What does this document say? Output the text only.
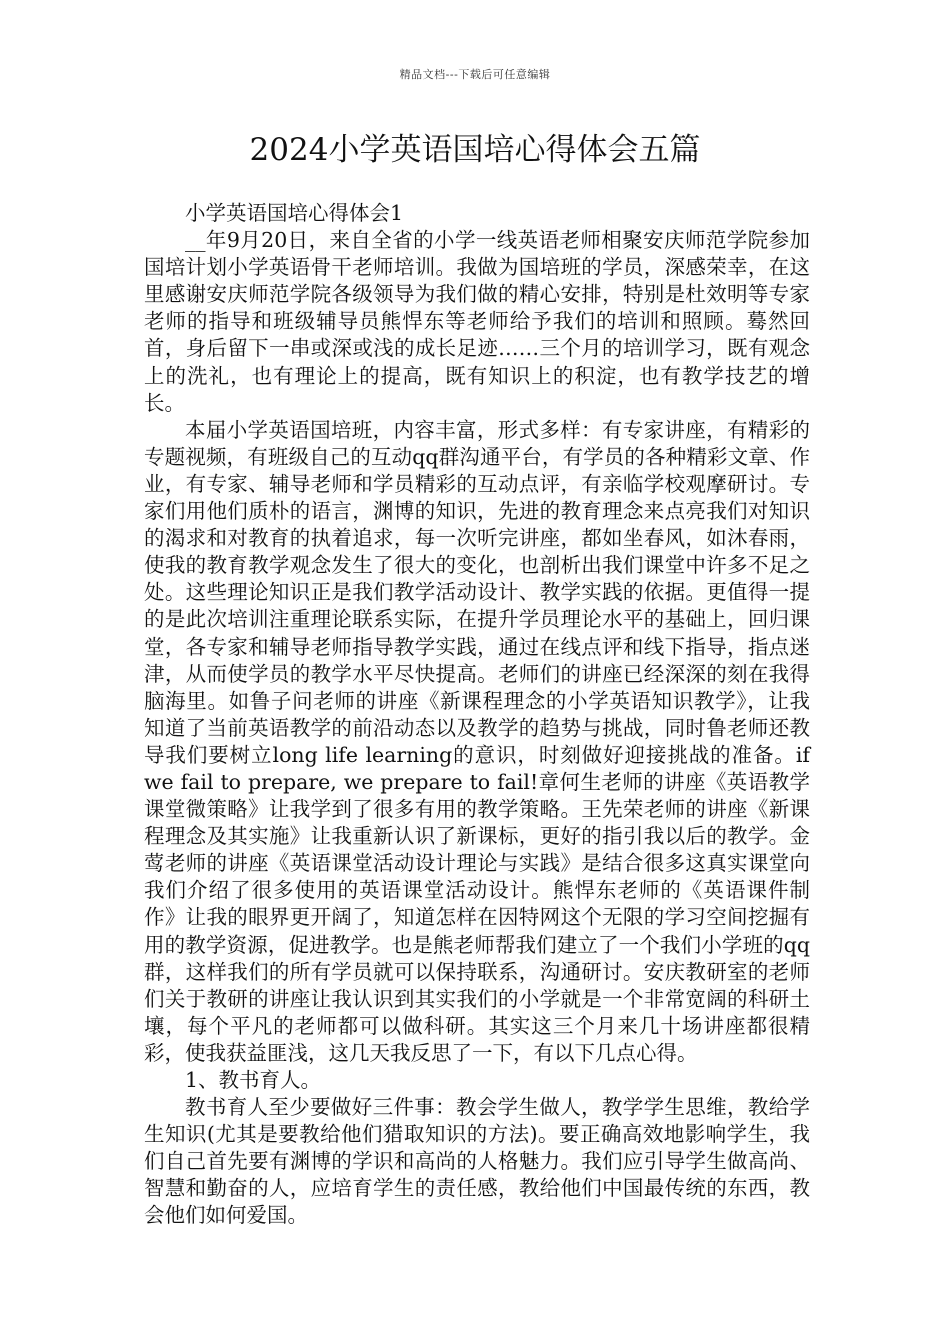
精品文档---下载后可任意编辑
2024小学英语国培心得体会五篇

小学英语国培心得体会1

__年9月20日，来自全省的小学一线英语老师相聚安庆师范学院参加国培计划小学英语骨干老师培训。我做为国培班的学员，深感荣幸，在这里感谢安庆师范学院各级领导为我们做的精心安排，特别是杜效明等专家老师的指导和班级辅导员熊悍东等老师给予我们的培训和照顾。蓦然回首，身后留下一串或深或浅的成长足迹……三个月的培训学习，既有观念上的洗礼，也有理论上的提高，既有知识上的积淀，也有教学技艺的增长。

本届小学英语国培班，内容丰富，形式多样：有专家讲座，有精彩的专题视频，有班级自己的互动qq群沟通平台，有学员的各种精彩文章、作业，有专家、辅导老师和学员精彩的互动点评，有亲临学校观摩研讨。专家们用他们质朴的语言，渊博的知识，先进的教育理念来点亮我们对知识的渴求和对教育的执着追求，每一次听完讲座，都如坐春风，如沐春雨，使我的教育教学观念发生了很大的变化，也剖析出我们课堂中许多不足之处。这些理论知识正是我们教学活动设计、教学实践的依据。更值得一提的是此次培训注重理论联系实际，在提升学员理论水平的基础上，回归课堂，各专家和辅导老师指导教学实践，通过在线点评和线下指导，指点迷津，从而使学员的教学水平尽快提高。老师们的讲座已经深深的刻在我得脑海里。如鲁子问老师的讲座《新课程理念的小学英语知识教学》，让我知道了当前英语教学的前沿动态以及教学的趋势与挑战，同时鲁老师还教导我们要树立long life learning的意识，时刻做好迎接挑战的准备。if we fail to prepare, we prepare to fail!章何生老师的讲座《英语教学课堂微策略》让我学到了很多有用的教学策略。王先荣老师的讲座《新课程理念及其实施》让我重新认识了新课标，更好的指引我以后的教学。金莺老师的讲座《英语课堂活动设计理论与实践》是结合很多这真实课堂向我们介绍了很多使用的英语课堂活动设计。熊悍东老师的《英语课件制作》让我的眼界更开阔了，知道怎样在因特网这个无限的学习空间挖掘有用的教学资源，促进教学。也是熊老师帮我们建立了一个我们小学班的qq群，这样我们的所有学员就可以保持联系，沟通研讨。安庆教研室的老师们关于教研的讲座让我认识到其实我们的小学就是一个非常宽阔的科研土壤，每个平凡的老师都可以做科研。其实这三个月来几十场讲座都很精彩，使我获益匪浅，这几天我反思了一下，有以下几点心得。

1、教书育人。

教书育人至少要做好三件事：教会学生做人，教学学生思维，教给学生知识(尤其是要教给他们猎取知识的方法)。要正确高效地影响学生，我们自己首先要有渊博的学识和高尚的人格魅力。我们应引导学生做高尚、智慧和勤奋的人，应培育学生的责任感，教给他们中国最传统的东西，教会他们如何爱国。
